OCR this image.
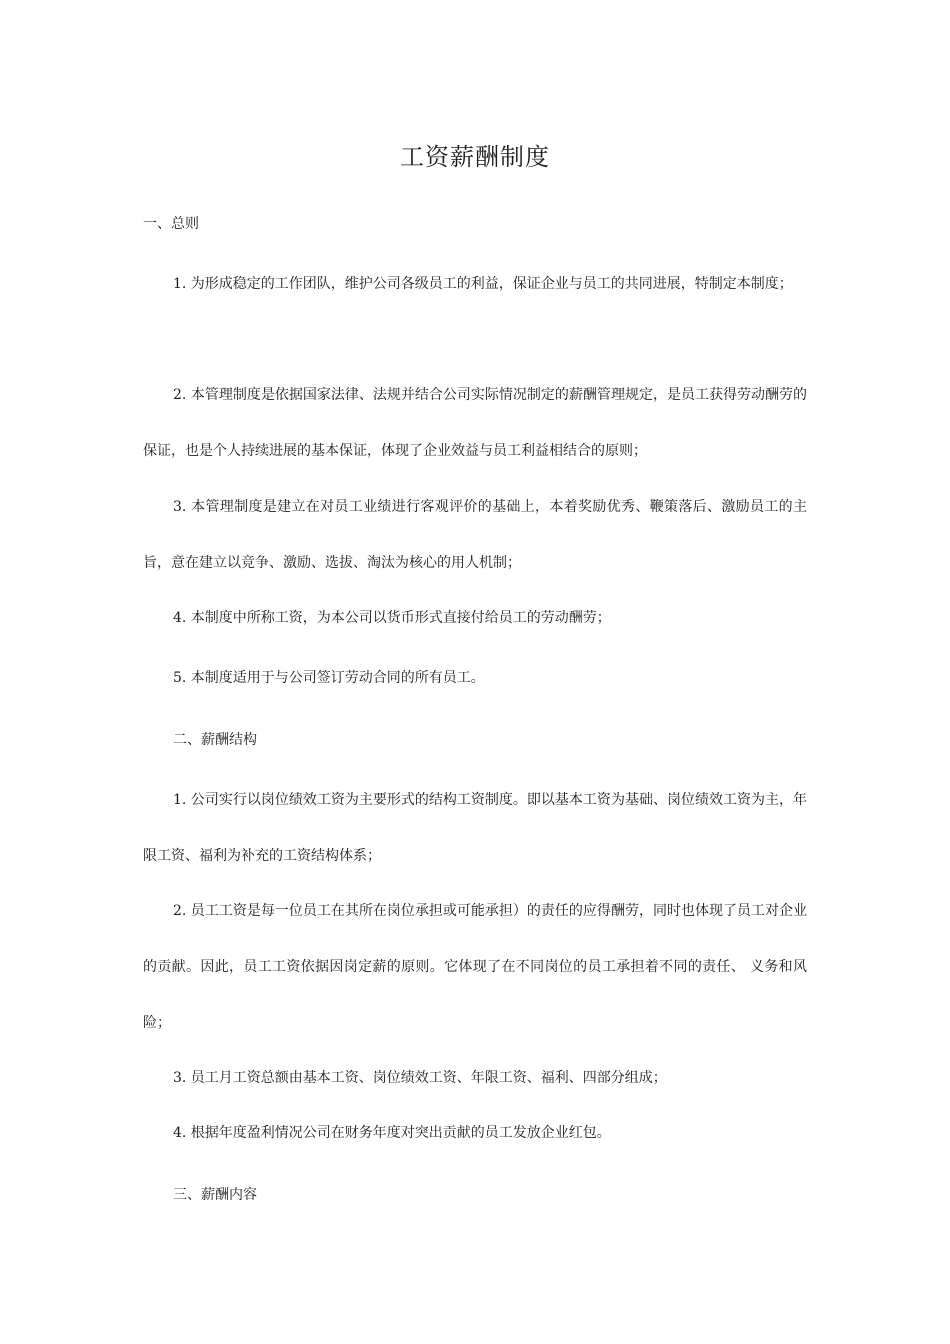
工资薪酬制度
一、总则
1. 为形成稳定的工作团队，维护公司各级员工的利益，保证企业与员工的共同进展，特制定本制度；
2. 本管理制度是依据国家法律、法规并结合公司实际情况制定的薪酬管理规定，是员工获得劳动酬劳的保证，也是个人持续进展的基本保证，体现了企业效益与员工利益相结合的原则；
3. 本管理制度是建立在对员工业绩进行客观评价的基础上，本着奖励优秀、鞭策落后、激励员工的主旨，意在建立以竞争、激励、选拔、淘汰为核心的用人机制；
4. 本制度中所称工资，为本公司以货币形式直接付给员工的劳动酬劳；
5. 本制度适用于与公司签订劳动合同的所有员工。
二、薪酬结构
1. 公司实行以岗位绩效工资为主要形式的结构工资制度。即以基本工资为基础、岗位绩效工资为主，年限工资、福利为补充的工资结构体系；
2. 员工工资是每一位员工在其所在岗位承担或可能承担）的责任的应得酬劳，同时也体现了员工对企业的贡献。因此，员工工资依据因岗定薪的原则。它体现了在不同岗位的员工承担着不同的责任、 义务和风险；
3. 员工月工资总额由基本工资、岗位绩效工资、年限工资、福利、四部分组成；
4. 根据年度盈利情况公司在财务年度对突出贡献的员工发放企业红包。
三、薪酬内容
